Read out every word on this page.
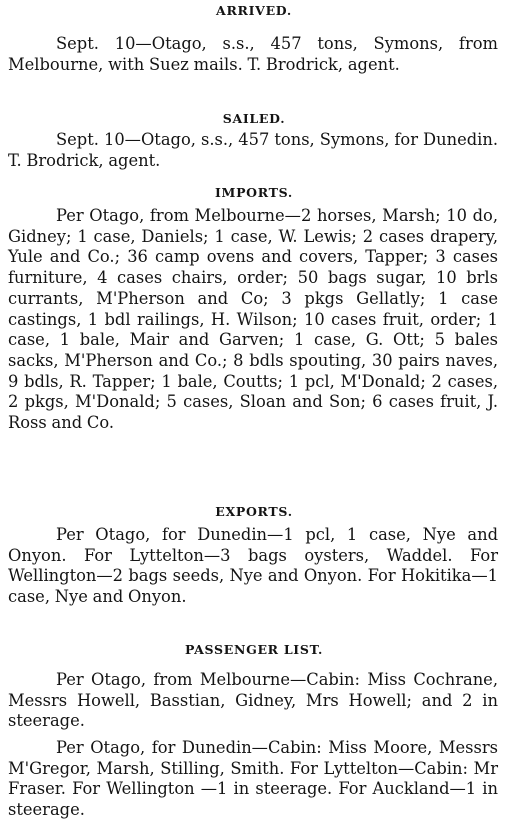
ARRIVED.

Sept. 10—Otago, s.s., 457 tons, Symons, from Melbourne, with Suez mails. T. Brodrick, agent.

SAILED.

Sept. 10—Otago, s.s., 457 tons, Symons, for Dunedin. T. Brodrick, agent.

IMPORTS.

Per Otago, from Melbourne—2 horses, Marsh; 10 do, Gidney; 1 case, Daniels; 1 case, W. Lewis; 2 cases drapery, Yule and Co.; 36 camp ovens and covers, Tapper; 3 cases furniture, 4 cases chairs, order; 50 bags sugar, 10 brls currants, M'Pherson and Co; 3 pkgs Gellatly; 1 case castings, 1 bdl railings, H. Wilson; 10 cases fruit, order; 1 case, 1 bale, Mair and Garven; 1 case, G. Ott; 5 bales sacks, M'Pherson and Co.; 8 bdls spouting, 30 pairs naves, 9 bdls, R. Tapper; 1 bale, Coutts; 1 pcl, M'Donald; 2 cases, 2 pkgs, M'Donald; 5 cases, Sloan and Son; 6 cases fruit, J. Ross and Co.

EXPORTS.

Per Otago, for Dunedin—1 pcl, 1 case, Nye and Onyon. For Lyttelton—3 bags oysters, Waddel. For Wellington—2 bags seeds, Nye and Onyon. For Hokitika—1 case, Nye and Onyon.

PASSENGER LIST.

Per Otago, from Melbourne—Cabin: Miss Cochrane, Messrs Howell, Basstian, Gidney, Mrs Howell; and 2 in steerage.

Per Otago, for Dunedin—Cabin: Miss Moore, Messrs M'Gregor, Marsh, Stilling, Smith. For Lyttelton—Cabin: Mr Fraser. For Wellington —1 in steerage. For Auckland—1 in steerage.
